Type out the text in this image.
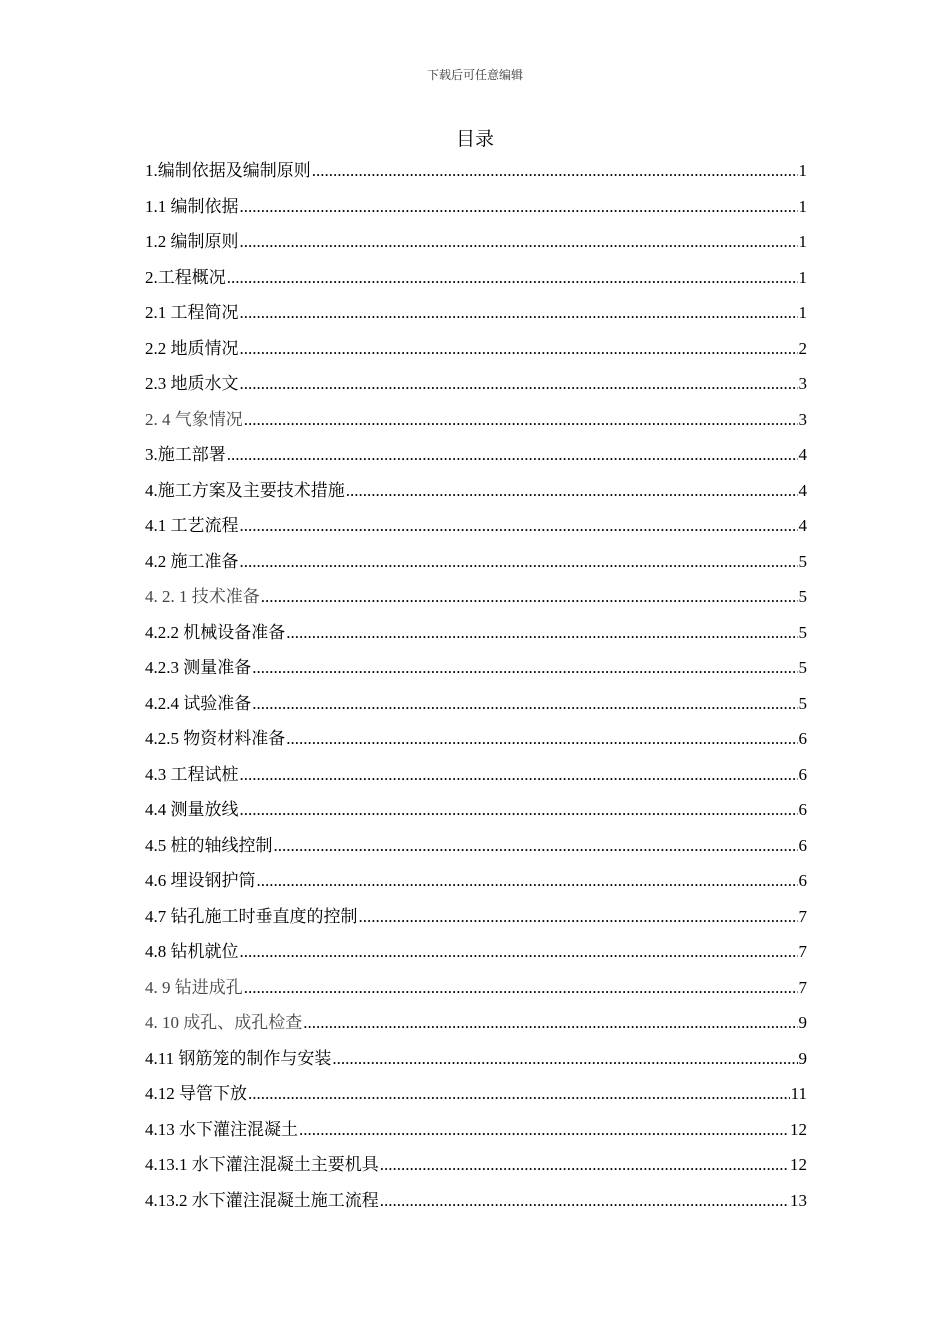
下载后可任意编辑
目录
1.编制依据及编制原则 .....	1
1.1 编制依据 .....	1
1.2 编制原则 .....	1
2.工程概况 .....	1
2.1 工程简况 .....	1
2.2 地质情况 .....	2
2.3 地质水文 .....	3
2. 4 气象情况 .....	3
3.施工部署 .....	4
4.施工方案及主要技术措施 .....	4
4.1 工艺流程 .....	4
4.2 施工准备 .....	5
4. 2. 1 技术准备 .....	5
4.2.2 机械设备准备 .....	5
4.2.3 测量准备 .....	5
4.2.4 试验准备 .....	5
4.2.5 物资材料准备 .....	6
4.3 工程试桩 .....	6
4.4 测量放线 .....	6
4.5 桩的轴线控制 .....	6
4.6 埋设钢护筒 .....	6
4.7 钻孔施工时垂直度的控制 .....	7
4.8 钻机就位 .....	7
4. 9 钻进成孔 .....	7
4. 10 成孔、成孔检查 .....	9
4.11 钢筋笼的制作与安装 .....	9
4.12 导管下放 .....	11
4.13 水下灌注混凝土 .....	12
4.13.1 水下灌注混凝土主要机具 .....	12
4.13.2 水下灌注混凝土施工流程 .....	13
